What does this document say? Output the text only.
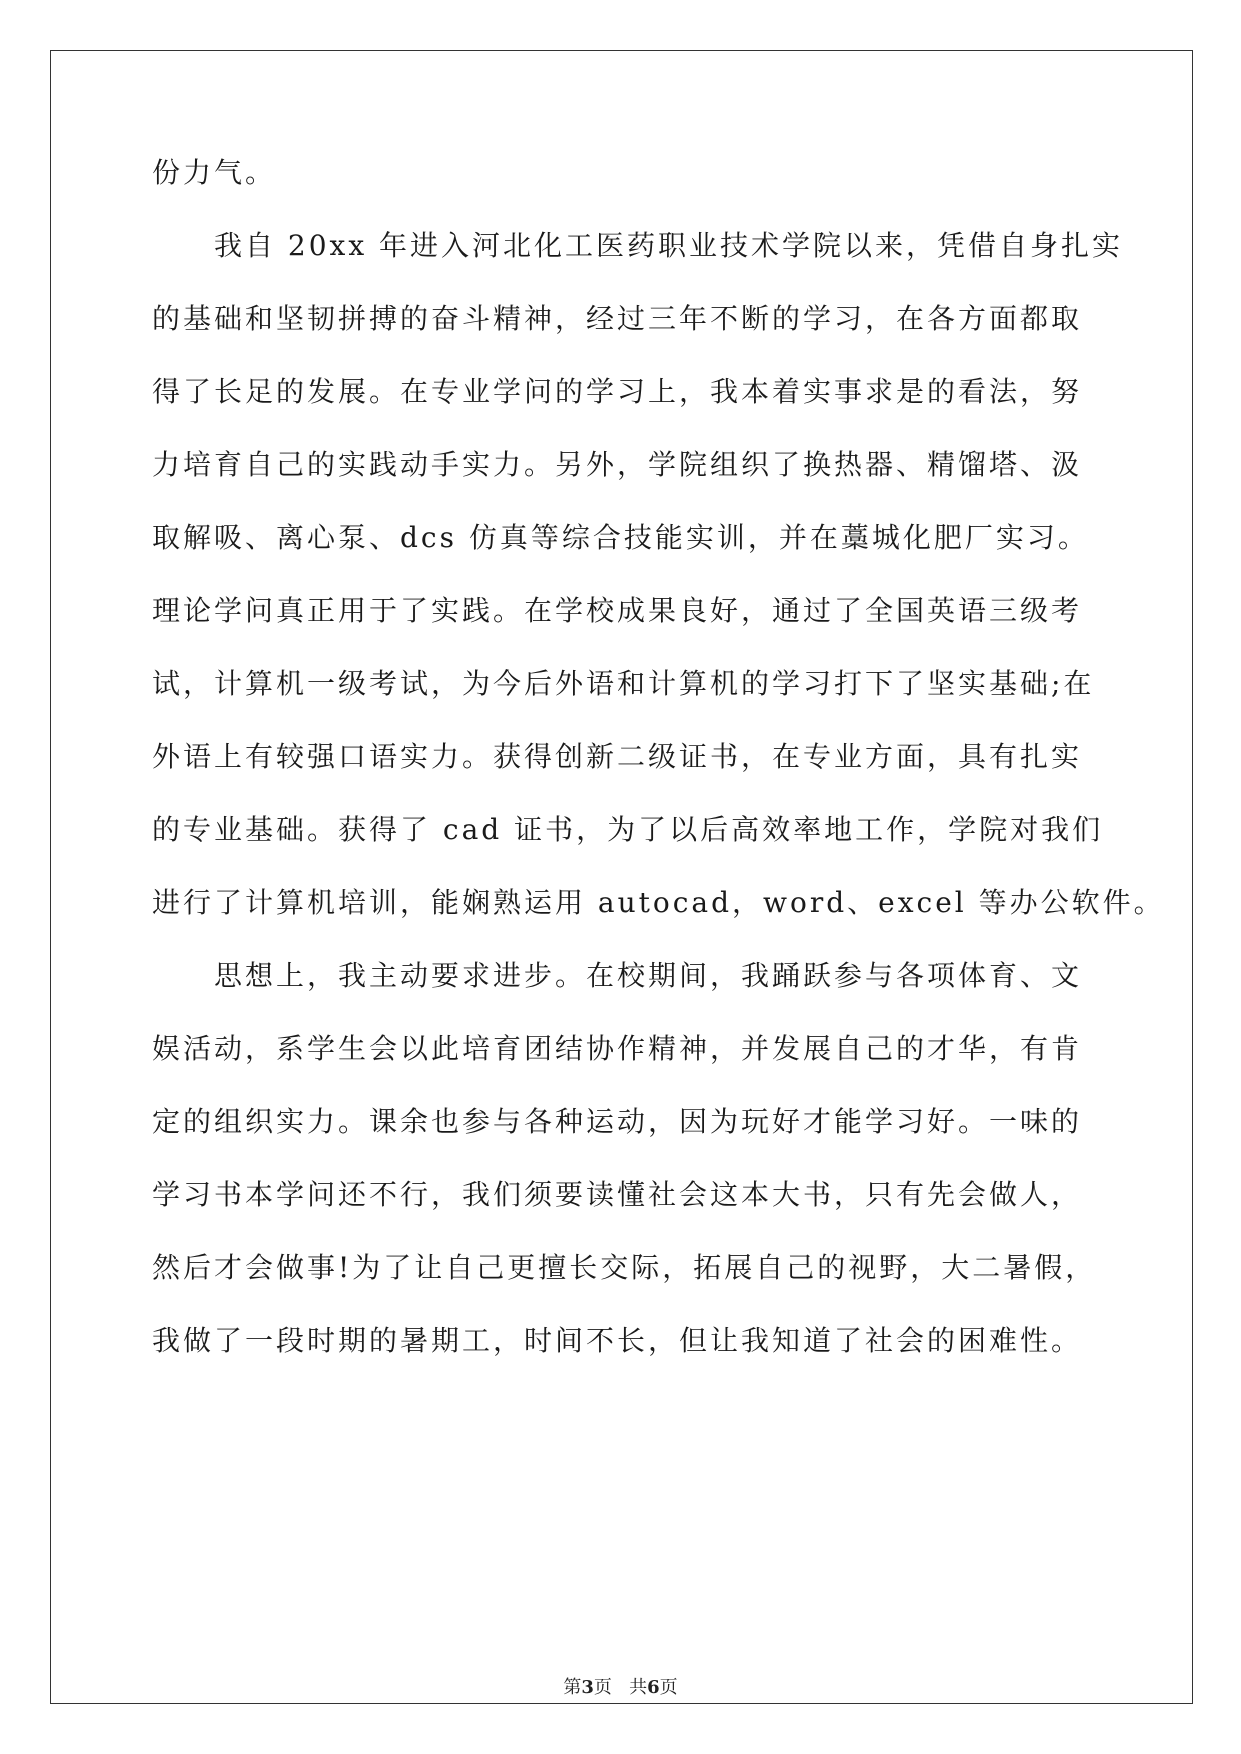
份力气。
　　我自 20xx 年进入河北化工医药职业技术学院以来，凭借自身扎实
的基础和坚韧拼搏的奋斗精神，经过三年不断的学习，在各方面都取
得了长足的发展。在专业学问的学习上，我本着实事求是的看法，努
力培育自己的实践动手实力。另外，学院组织了换热器、精馏塔、汲
取解吸、离心泵、dcs 仿真等综合技能实训，并在藁城化肥厂实习。
理论学问真正用于了实践。在学校成果良好，通过了全国英语三级考
试，计算机一级考试，为今后外语和计算机的学习打下了坚实基础;在
外语上有较强口语实力。获得创新二级证书，在专业方面，具有扎实
的专业基础。获得了 cad 证书，为了以后高效率地工作，学院对我们
进行了计算机培训，能娴熟运用 autocad，word、excel 等办公软件。
　　思想上，我主动要求进步。在校期间，我踊跃参与各项体育、文
娱活动，系学生会以此培育团结协作精神，并发展自己的才华，有肯
定的组织实力。课余也参与各种运动，因为玩好才能学习好。一味的
学习书本学问还不行，我们须要读懂社会这本大书，只有先会做人，
然后才会做事!为了让自己更擅长交际，拓展自己的视野，大二暑假，
我做了一段时期的暑期工，时间不长，但让我知道了社会的困难性。
第3页 共6页
